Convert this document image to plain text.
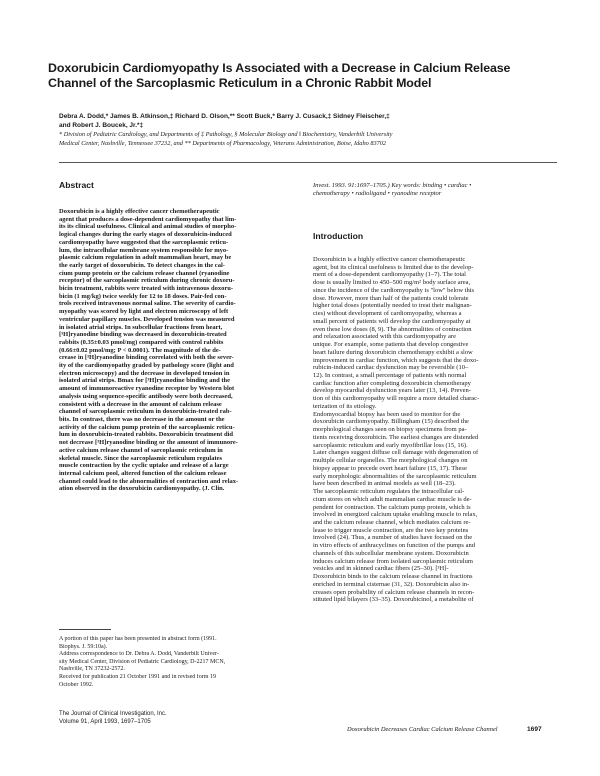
Doxorubicin Cardiomyopathy Is Associated with a Decrease in Calcium Release
Channel of the Sarcoplasmic Reticulum in a Chronic Rabbit Model
Debra A. Dodd,* James B. Atkinson,‡ Richard D. Olson,** Scott Buck,* Barry J. Cusack,‡ Sidney Fleischer,‡
and Robert J. Boucek, Jr.*‡
* Division of Pediatric Cardiology, and Departments of ‡ Pathology, § Molecular Biology and ‖ Biochemistry, Vanderbilt University
Medical Center, Nashville, Tennessee 37232, and ** Departments of Pharmacology, Veterans Administration, Boise, Idaho 83702
Abstract
Doxorubicin is a highly effective cancer chemotherapeutic
agent that produces a dose-dependent cardiomyopathy that lim-
its its clinical usefulness. Clinical and animal studies of morpho-
logical changes during the early stages of doxorubicin-induced
cardiomyopathy have suggested that the sarcoplasmic reticu-
lum, the intracellular membrane system responsible for myo-
plasmic calcium regulation in adult mammalian heart, may be
the early target of doxorubicin. To detect changes in the cal-
cium pump protein or the calcium release channel (ryanodine
receptor) of the sarcoplasmic reticulum during chronic doxoru-
bicin treatment, rabbits were treated with intravenous doxoru-
bicin (1 mg/kg) twice weekly for 12 to 18 doses. Pair-fed con-
trols received intravenous normal saline. The severity of cardio-
myopathy was scored by light and electron microscopy of left
ventricular papillary muscles. Developed tension was measured
in isolated atrial strips. In subcellular fractions from heart,
[³H]ryanodine binding was decreased in doxorubicin-treated
rabbits (0.35±0.03 pmol/mg) compared with control rabbits
(0.66±0.02 pmol/mg; P < 0.0001). The magnitude of the de-
crease in [³H]ryanodine binding correlated with both the sever-
ity of the cardiomyopathy graded by pathology score (light and
electron microscopy) and the decrease in developed tension in
isolated atrial strips. Bmax for [³H]ryanodine binding and the
amount of immunoreactive ryanodine receptor by Western blot
analysis using sequence-specific antibody were both decreased,
consistent with a decrease in the amount of calcium release
channel of sarcoplasmic reticulum in doxorubicin-treated rab-
bits. In contrast, there was no decrease in the amount or the
activity of the calcium pump protein of the sarcoplasmic reticu-
lum in doxorubicin-treated rabbits. Doxorubicin treatment did
not decrease [³H]ryanodine binding or the amount of immunore-
active calcium release channel of sarcoplasmic reticulum in
skeletal muscle. Since the sarcoplasmic reticulum regulates
muscle contraction by the cyclic uptake and release of a large
internal calcium pool, altered function of the calcium release
channel could lead to the abnormalities of contraction and relax-
ation observed in the doxorubicin cardiomyopathy. (J. Clin.
Invest. 1993. 91:1697–1705.) Key words: binding • cardiac •
chemotherapy • radioligand • ryanodine receptor
Introduction
Doxorubicin is a highly effective cancer chemotherapeutic
agent, but its clinical usefulness is limited due to the develop-
ment of a dose-dependent cardiomyopathy (1–7). The total
dose is usually limited to 450–500 mg/m² body surface area,
since the incidence of the cardiomyopathy is "low" below this
dose. However, more than half of the patients could tolerate
higher total doses (potentially needed to treat their malignan-
cies) without development of cardiomyopathy, whereas a
small percent of patients will develop the cardiomyopathy at
even these low doses (8, 9). The abnormalities of contraction
and relaxation associated with this cardiomyopathy are
unique. For example, some patients that develop congestive
heart failure during doxorubicin chemotherapy exhibit a slow
improvement in cardiac function, which suggests that the doxo-
rubicin-induced cardiac dysfunction may be reversible (10–
12). In contrast, a small percentage of patients with normal
cardiac function after completing doxorubicin chemotherapy
develop myocardial dysfunction years later (13, 14). Preven-
tion of this cardiomyopathy will require a more detailed charac-
terization of its etiology.
Endomyocardial biopsy has been used to monitor for the
doxorubicin cardiomyopathy. Billingham (15) described the
morphological changes seen on biopsy specimens from pa-
tients receiving doxorubicin. The earliest changes are distended
sarcoplasmic reticulum and early myofibrillar loss (15, 16).
Later changes suggest diffuse cell damage with degeneration of
multiple cellular organelles. The morphological changes on
biopsy appear to precede overt heart failure (15, 17). These
early morphologic abnormalities of the sarcoplasmic reticulum
have been described in animal models as well (18–23).
The sarcoplasmic reticulum regulates the intracellular cal-
cium stores on which adult mammalian cardiac muscle is de-
pendent for contraction. The calcium pump protein, which is
involved in energized calcium uptake enabling muscle to relax,
and the calcium release channel, which mediates calcium re-
lease to trigger muscle contraction, are the two key proteins
involved (24). Thus, a number of studies have focused on the
in vitro effects of anthracyclines on function of the pumps and
channels of this subcellular membrane system. Doxorubicin
induces calcium release from isolated sarcoplasmic reticulum
vesicles and in skinned cardiac fibers (25–30). [³H]-
Doxorubicin binds to the calcium release channel in fractions
enriched in terminal cisternae (31, 32). Doxorubicin also in-
creases open probability of calcium release channels in recon-
stituted lipid bilayers (33–35). Doxorubicinol, a metabolite of
A portion of this paper has been presented in abstract form (1991.
Biophys. J. 59:10a).
Address correspondence to Dr. Debra A. Dodd, Vanderbilt Univer-
sity Medical Center, Division of Pediatric Cardiology, D-2217 MCN,
Nashville, TN 37232-2572.
Received for publication 21 October 1991 and in revised form 19
October 1992.
The Journal of Clinical Investigation, Inc.
Volume 91, April 1993, 1697–1705
Doxorubicin Decreases Cardiac Calcium Release Channel	1697
